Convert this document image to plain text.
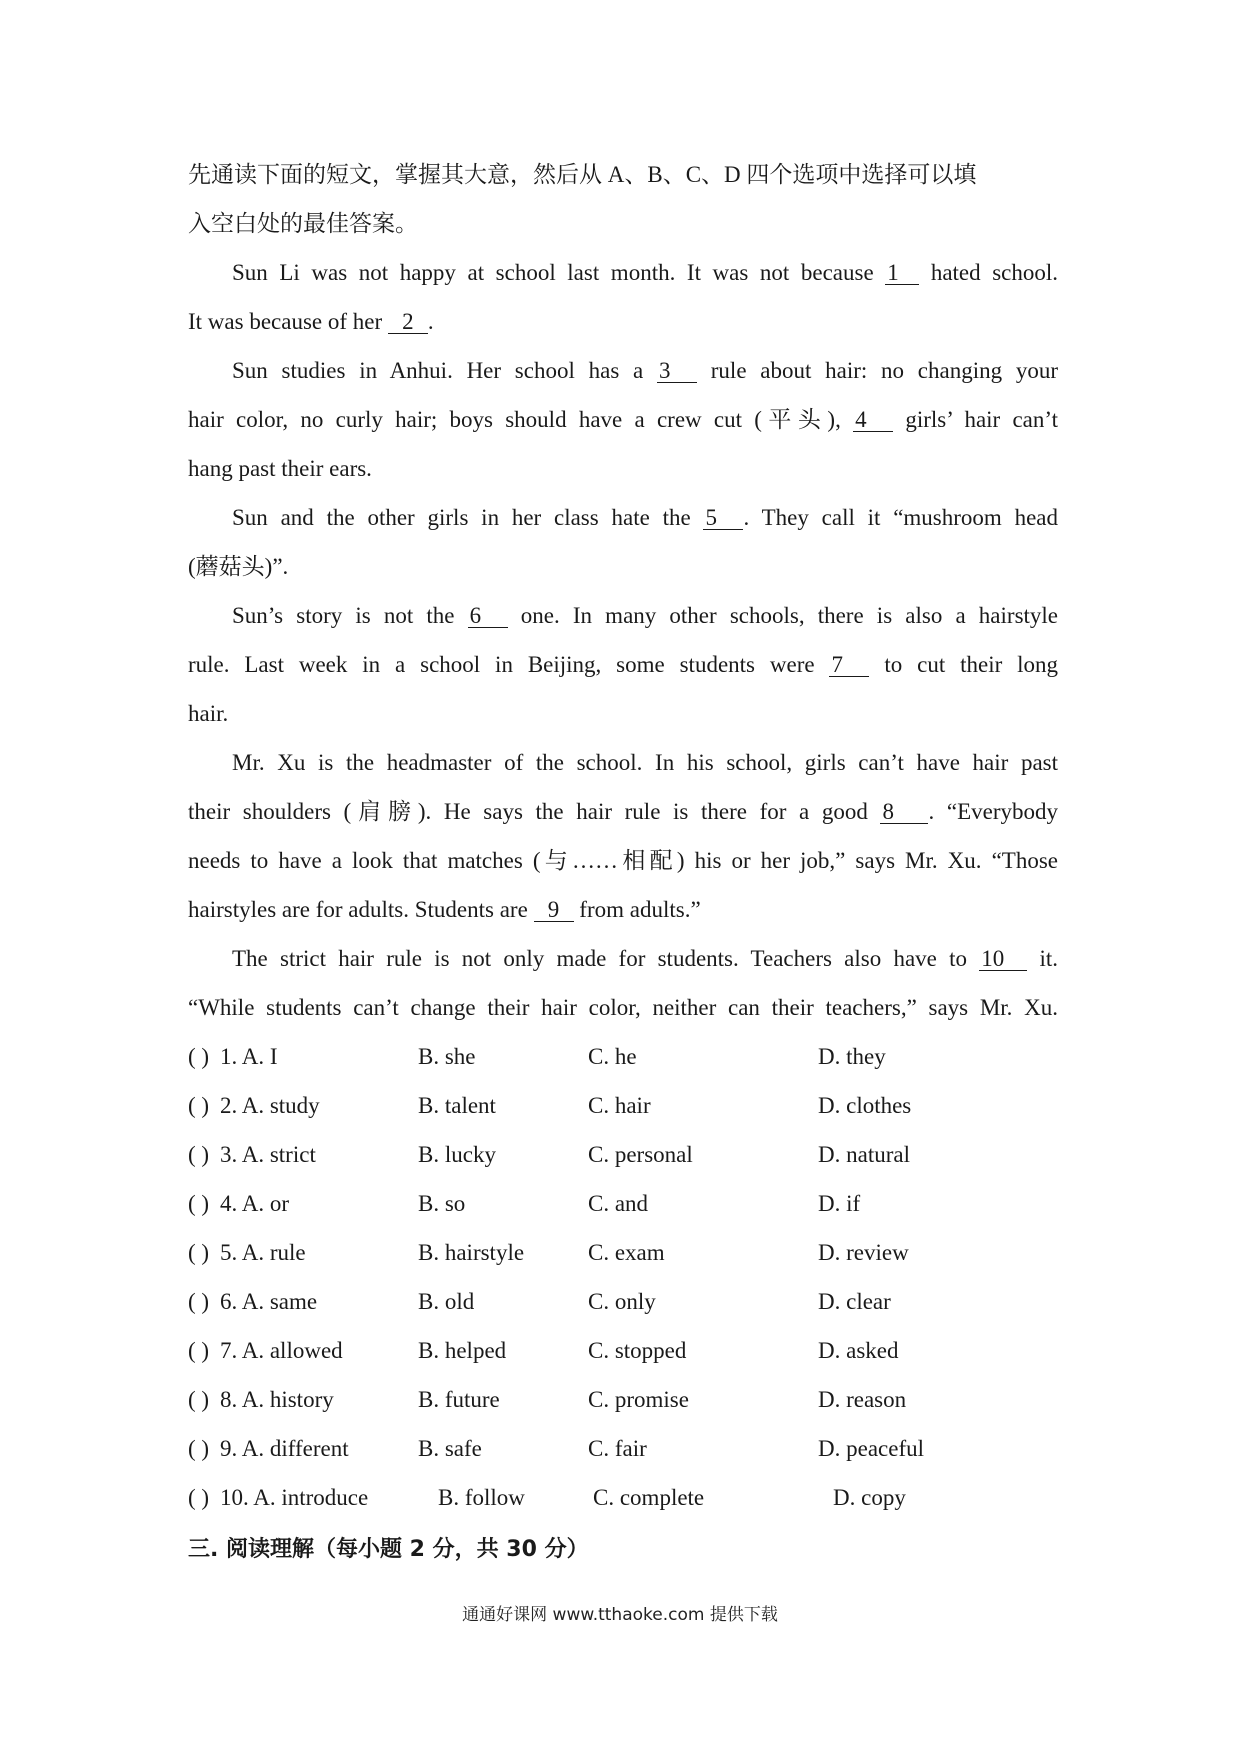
先通读下面的短文，掌握其大意，然后从 A、B、C、D 四个选项中选择可以填
入空白处的最佳答案。
Sun Li was not happy at school last month. It was not because 1 hated school.
It was because of her 2 .
Sun studies in Anhui. Her school has a 3 rule about hair: no changing your
hair color, no curly hair; boys should have a crew cut (平头), 4 girls’ hair can’t
hang past their ears.
Sun and the other girls in her class hate the 5 . They call it “mushroom head
(蘑菇头)”.
Sun’s story is not the 6 one. In many other schools, there is also a hairstyle
rule. Last week in a school in Beijing, some students were 7 to cut their long
hair.
Mr. Xu is the headmaster of the school. In his school, girls can’t have hair past
their shoulders (肩膀). He says the hair rule is there for a good 8 . “Everybody
needs to have a look that matches (与……相配) his or her job,” says Mr. Xu. “Those
hairstyles are for adults. Students are 9 from adults.”
The strict hair rule is not only made for students. Teachers also have to 10 it.
“While students can’t change their hair color, neither can their teachers,” says Mr. Xu.
( ) 1. A. I	B. she	C. he	D. they
( ) 2. A. study	B. talent	C. hair	D. clothes
( ) 3. A. strict	B. lucky	C. personal	D. natural
( ) 4. A. or	B. so	C. and	D. if
( ) 5. A. rule	B. hairstyle	C. exam	D. review
( ) 6. A. same	B. old	C. only	D. clear
( ) 7. A. allowed	B. helped	C. stopped	D. asked
( ) 8. A. history	B. future	C. promise	D. reason
( ) 9. A. different	B. safe	C. fair	D. peaceful
( ) 10. A. introduce	B. follow	C. complete	D. copy
三. 阅读理解（每小题 2 分，共 30 分）
通通好课网 www.tthaoke.com 提供下载
